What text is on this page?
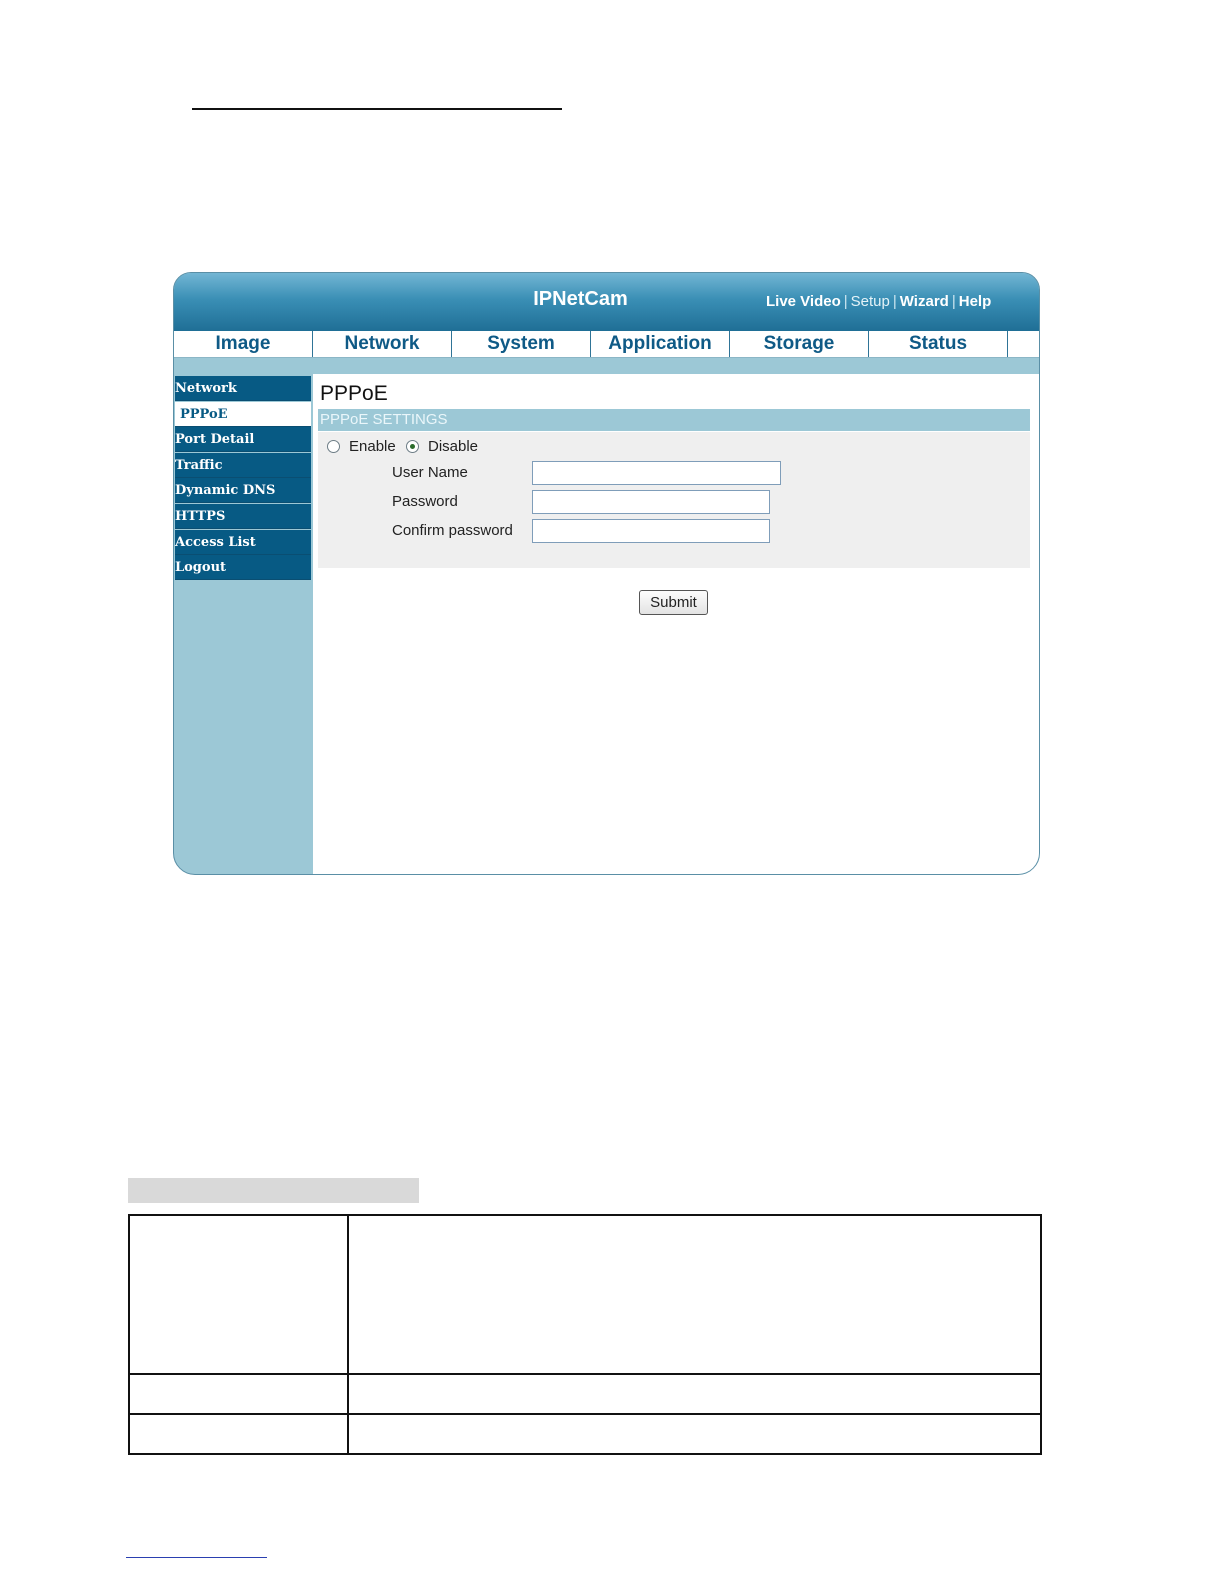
IPNetCam	Live Video | Setup | Wizard | Help
Image	Network	System	Application	Storage	Status
Network
PPPoE
Port Detail
Traffic
Dynamic DNS
HTTPS
Access List
Logout
PPPoE
PPPoE SETTINGS
Enable Disable
User Name
Password
Confirm password
Submit
